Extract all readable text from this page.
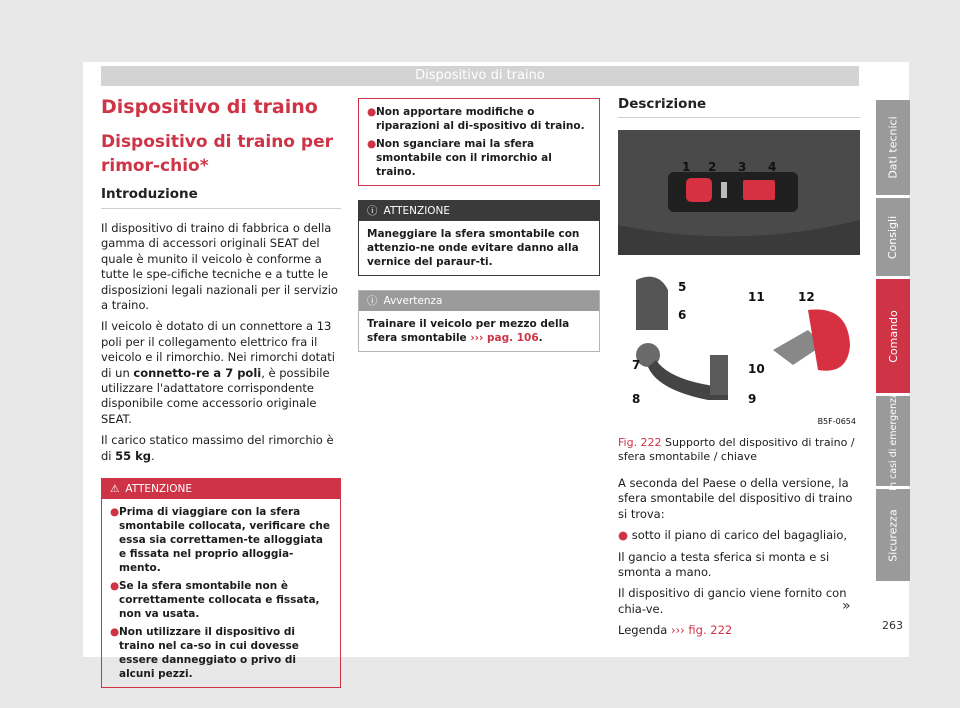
Dispositivo di traino
Dispositivo di traino
Dispositivo di traino per rimor-chio*
Introduzione

Il dispositivo di traino di fabbrica o della gamma di accessori originali SEAT del quale è munito il veicolo è conforme a tutte le spe-cifiche tecniche e a tutte le disposizioni legali nazionali per il servizio a traino.

Il veicolo è dotato di un connettore a 13 poli per il collegamento elettrico fra il veicolo e il rimorchio. Nei rimorchi dotati di un connetto-re a 7 poli, è possibile utilizzare l'adattatore corrispondente disponibile come accessorio originale SEAT.

Il carico statico massimo del rimorchio è di 55 kg.

⚠ ATTENZIONE
● Prima di viaggiare con la sfera smontabile collocata, verificare che essa sia correttamen-te alloggiata e fissata nel proprio alloggia-mento.
● Se la sfera smontabile non è correttamente collocata e fissata, non va usata.
● Non utilizzare il dispositivo di traino nel ca-so in cui dovesse essere danneggiato o privo di alcuni pezzi.
● Non apportare modifiche o riparazioni al di-spositivo di traino.
● Non sganciare mai la sfera smontabile con il rimorchio al traino.
ⓘ ATTENZIONE
Maneggiare la sfera smontabile con attenzio-ne onde evitare danno alla vernice del paraur-ti.
ⓘ Avvertenza
Trainare il veicolo per mezzo della sfera smontabile ››› pag. 106.
Descrizione
1 2 3 4
5
6
7
8	9
10
11	12
B5F-0654
Fig. 222 Supporto del dispositivo di traino / sfera smontabile / chiave

A seconda del Paese o della versione, la sfera smontabile del dispositivo di traino si trova:

● sotto il piano di carico del bagagliaio,

Il gancio a testa sferica si monta e si smonta a mano.

Il dispositivo di gancio viene fornito con chia-ve.

Legenda ››› fig. 222

»
Dati tecnici
Consigli
Comando
In casi di emergenza
Sicurezza
263
